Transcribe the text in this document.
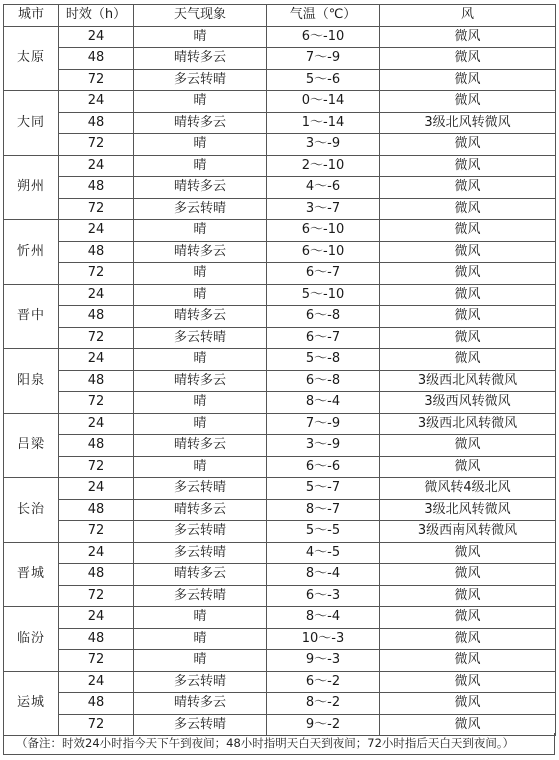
城市	时效（h）	天气现象	气温（℃）	风
太原	24	晴	6～-10	微风
	48	晴转多云	7～-9	微风
	72	多云转晴	5～-6	微风
大同	24	晴	0～-14	微风
	48	晴转多云	1～-14	3级北风转微风
	72	晴	3～-9	微风
朔州	24	晴	2～-10	微风
	48	晴转多云	4～-6	微风
	72	多云转晴	3～-7	微风
忻州	24	晴	6～-10	微风
	48	晴转多云	6～-10	微风
	72	晴	6～-7	微风
晋中	24	晴	5～-10	微风
	48	晴转多云	6～-8	微风
	72	多云转晴	6～-7	微风
阳泉	24	晴	5～-8	微风
	48	晴转多云	6～-8	3级西北风转微风
	72	晴	8～-4	3级西风转微风
吕梁	24	晴	7～-9	3级西北风转微风
	48	晴转多云	3～-9	微风
	72	晴	6～-6	微风
长治	24	多云转晴	5～-7	微风转4级北风
	48	晴转多云	8～-7	3级北风转微风
	72	多云转晴	5～-5	3级西南风转微风
晋城	24	多云转晴	4～-5	微风
	48	晴转多云	8～-4	微风
	72	多云转晴	6～-3	微风
临汾	24	晴	8～-4	微风
	48	晴	10～-3	微风
	72	晴	9～-3	微风
运城	24	多云转晴	6～-2	微风
	48	晴转多云	8～-2	微风
	72	多云转晴	9～-2	微风
（备注：时效24小时指今天下午到夜间；48小时指明天白天到夜间；72小时指后天白天到夜间。）
